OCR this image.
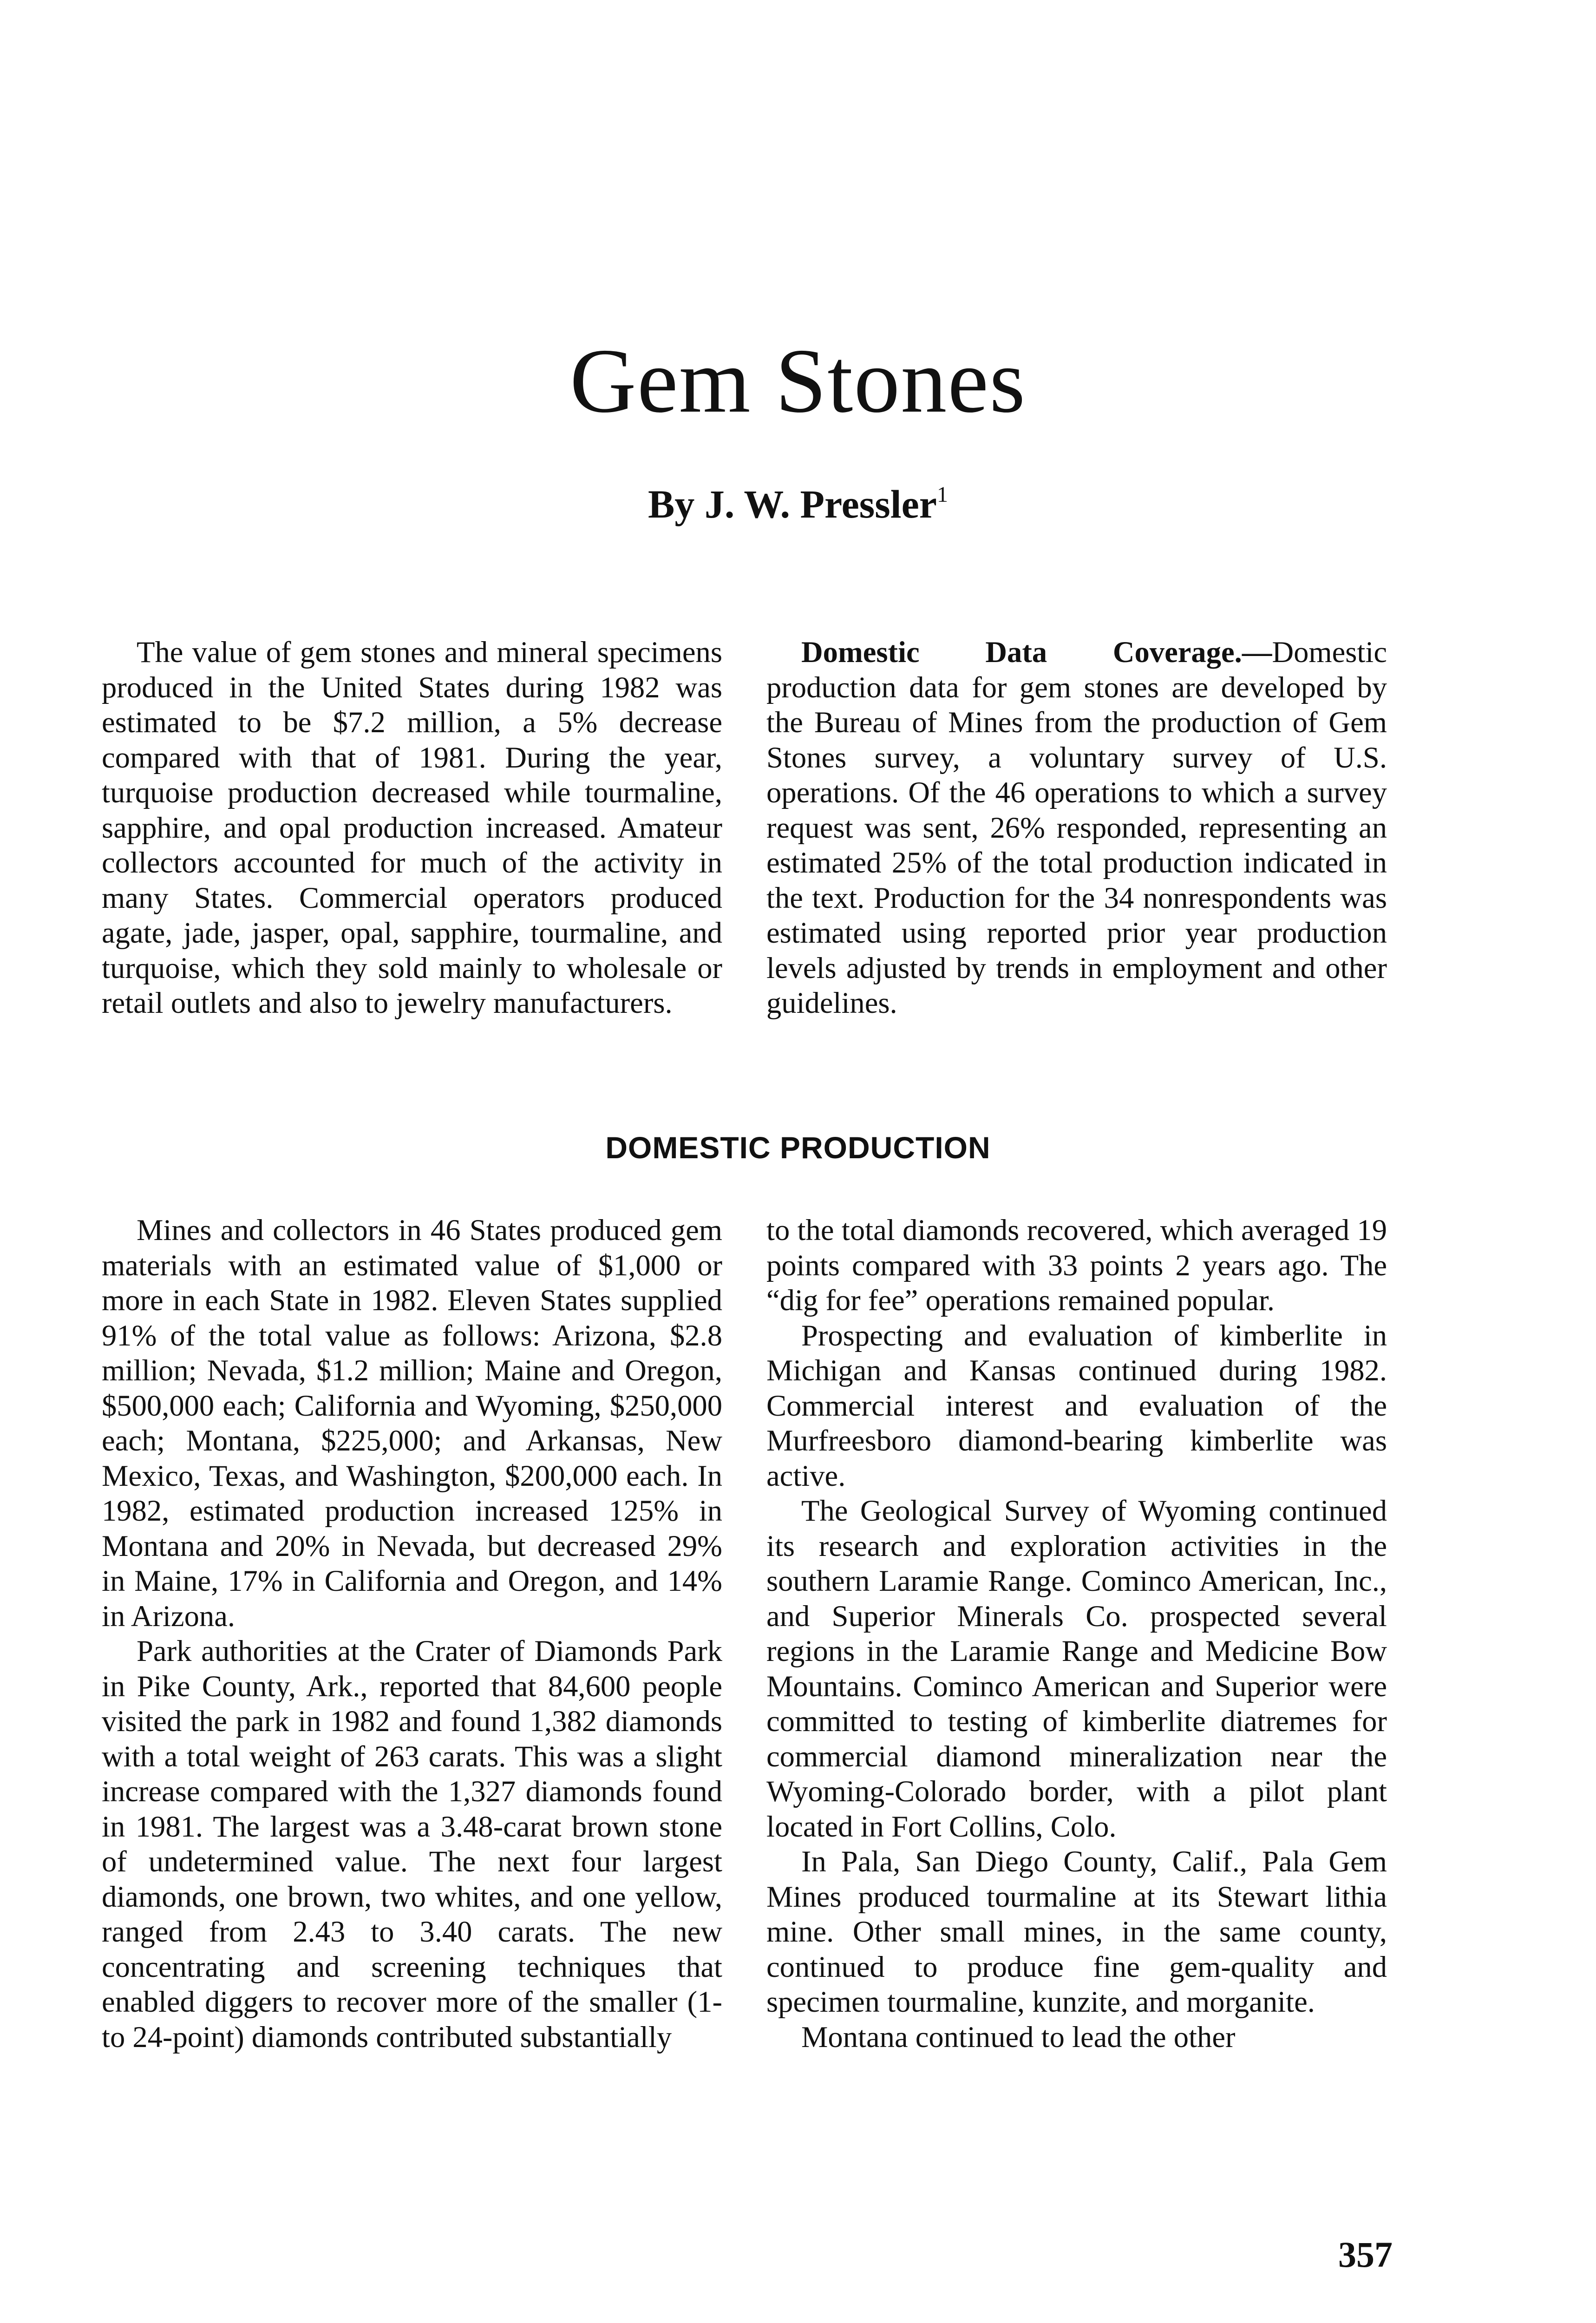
Gem Stones
By J. W. Pressler$^1$

The value of gem stones and mineral specimens produced in the United States during 1982 was estimated to be $7.2 million, a 5% decrease compared with that of 1981. During the year, turquoise production decreased while tourmaline, sapphire, and opal production increased. Amateur collectors accounted for much of the activity in many States. Commercial operators produced agate, jade, jasper, opal, sapphire, tourmaline, and turquoise, which they sold mainly to wholesale or retail outlets and also to jewelry manufacturers.

Domestic Data Coverage.—Domestic production data for gem stones are developed by the Bureau of Mines from the production of Gem Stones survey, a voluntary survey of U.S. operations. Of the 46 operations to which a survey request was sent, 26% responded, representing an estimated 25% of the total production indicated in the text. Production for the 34 nonrespondents was estimated using reported prior year production levels adjusted by trends in employment and other guidelines.

DOMESTIC PRODUCTION

Mines and collectors in 46 States produced gem materials with an estimated value of $1,000 or more in each State in 1982. Eleven States supplied 91% of the total value as follows: Arizona, $2.8 million; Nevada, $1.2 million; Maine and Oregon, $500,000 each; California and Wyoming, $250,000 each; Montana, $225,000; and Arkansas, New Mexico, Texas, and Washington, $200,000 each. In 1982, estimated production increased 125% in Montana and 20% in Nevada, but decreased 29% in Maine, 17% in California and Oregon, and 14% in Arizona.

Park authorities at the Crater of Diamonds Park in Pike County, Ark., reported that 84,600 people visited the park in 1982 and found 1,382 diamonds with a total weight of 263 carats. This was a slight increase compared with the 1,327 diamonds found in 1981. The largest was a 3.48-carat brown stone of undetermined value. The next four largest diamonds, one brown, two whites, and one yellow, ranged from 2.43 to 3.40 carats. The new concentrating and screening techniques that enabled diggers to recover more of the smaller (1- to 24-point) diamonds contributed substantially

to the total diamonds recovered, which averaged 19 points compared with 33 points 2 years ago. The “dig for fee” operations remained popular.

Prospecting and evaluation of kimberlite in Michigan and Kansas continued during 1982. Commercial interest and evaluation of the Murfreesboro diamond-bearing kimberlite was active.

The Geological Survey of Wyoming continued its research and exploration activities in the southern Laramie Range. Cominco American, Inc., and Superior Minerals Co. prospected several regions in the Laramie Range and Medicine Bow Mountains. Cominco American and Superior were committed to testing of kimberlite diatremes for commercial diamond mineralization near the Wyoming-Colorado border, with a pilot plant located in Fort Collins, Colo.

In Pala, San Diego County, Calif., Pala Gem Mines produced tourmaline at its Stewart lithia mine. Other small mines, in the same county, continued to produce fine gem-quality and specimen tourmaline, kunzite, and morganite.

Montana continued to lead the other

357
